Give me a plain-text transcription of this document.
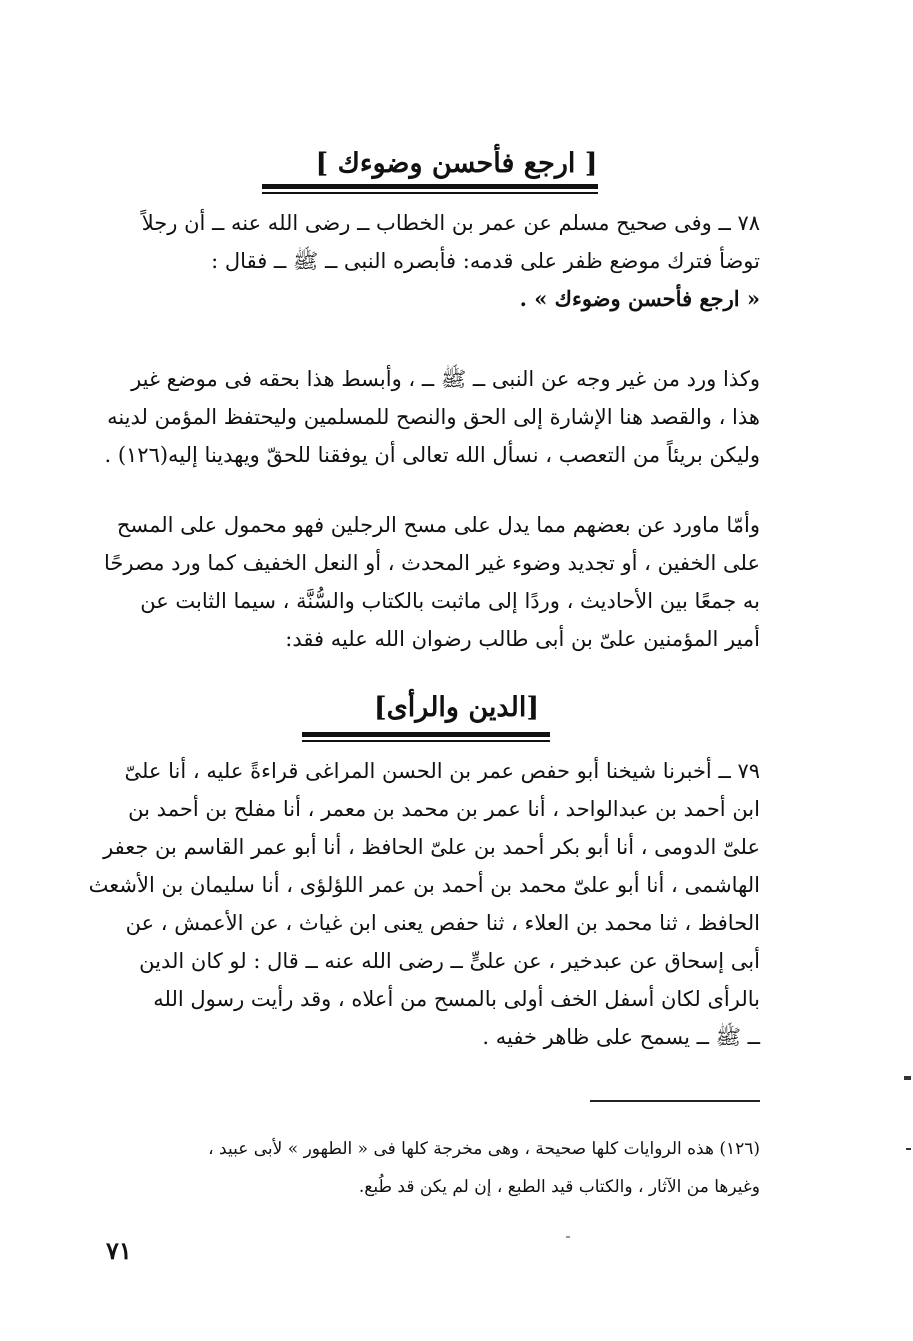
[ ارجع فأحسن وضوءك ]
٧٨ ــ وفى صحيح مسلم عن عمر بن الخطاب ــ رضى الله عنه ــ أن رجلاً
توضأ فترك موضع ظفر على قدمه: فأبصره النبى ــ ﷺ ــ فقال :
« ارجع فأحسن وضوءك » .
وكذا ورد من غير وجه عن النبى ــ ﷺ ــ ، وأبسط هذا بحقه فى موضع غير
هذا ، والقصد هنا الإشارة إلى الحق والنصح للمسلمين وليحتفظ المؤمن لدينه
وليكن بريئاً من التعصب ، نسأل الله تعالى أن يوفقنا للحقّ ويهدينا إليه(١٢٦) .
وأمّا ماورد عن بعضهم مما يدل على مسح الرجلين فهو محمول على المسح
على الخفين ، أو تجديد وضوء غير المحدث ، أو النعل الخفيف كما ورد مصرحًا
به جمعًا بين الأحاديث ، وردًا إلى ماثبت بالكتاب والسُّنَّة ، سيما الثابت عن
أمير المؤمنين علىّ بن أبى طالب رضوان الله عليه فقد:
[الدين والرأى]
٧٩ ــ أخبرنا شيخنا أبو حفص عمر بن الحسن المراغى قراءةً عليه ، أنا علىّ
ابن أحمد بن عبدالواحد ، أنا عمر بن محمد بن معمر ، أنا مفلح بن أحمد بن
علىّ الدومى ، أنا أبو بكر أحمد بن علىّ الحافظ ، أنا أبو عمر القاسم بن جعفر
الهاشمى ، أنا أبو علىّ محمد بن أحمد بن عمر اللؤلؤى ، أنا سليمان بن الأشعث
الحافظ ، ثنا محمد بن العلاء ، ثنا حفص يعنى ابن غياث ، عن الأعمش ، عن
أبى إسحاق عن عبدخير ، عن علىٍّ ــ رضى الله عنه ــ قال : لو كان الدين
بالرأى لكان أسفل الخف أولى بالمسح من أعلاه ، وقد رأيت رسول الله
ــ ﷺ ــ يسمح على ظاهر خفيه .
(١٢٦) هذه الروايات كلها صحيحة ، وهى مخرجة كلها فى « الطهور » لأبى عبيد ،
وغيرها من الآثار ، والكتاب قيد الطبع ، إن لم يكن قد طُبع.
٧١
